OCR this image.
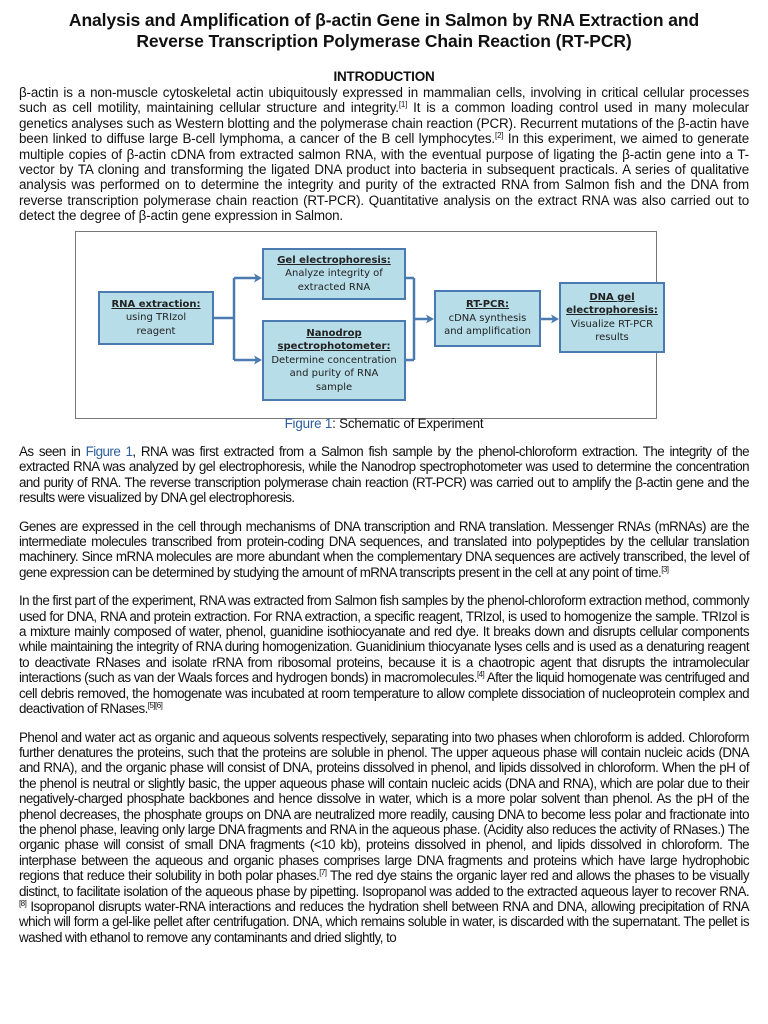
Analysis and Amplification of β-actin Gene in Salmon by RNA Extraction and
Reverse Transcription Polymerase Chain Reaction (RT-PCR)
INTRODUCTION

β-actin is a non-muscle cytoskeletal actin ubiquitously expressed in mammalian cells, involving in critical cellular processes such as cell motility, maintaining cellular structure and integrity.[1] It is a common loading control used in many molecular genetics analyses such as Western blotting and the polymerase chain reaction (PCR). Recurrent mutations of the β-actin have been linked to diffuse large B-cell lymphoma, a cancer of the B cell lymphocytes.[2] In this experiment, we aimed to generate multiple copies of β-actin cDNA from extracted salmon RNA, with the eventual purpose of ligating the β-actin gene into a T-vector by TA cloning and transforming the ligated DNA product into bacteria in subsequent practicals. A series of qualitative analysis was performed on to determine the integrity and purity of the extracted RNA from Salmon fish and the DNA from reverse transcription polymerase chain reaction (RT-PCR). Quantitative analysis on the extract RNA was also carried out to detect the degree of β-actin gene expression in Salmon.

RNA extraction:
using TRIzol reagent
Gel electrophoresis:
Analyze integrity of extracted RNA
Nanodrop spectrophotometer:
Determine concentration and purity of RNA sample
RT-PCR:
cDNA synthesis and amplification
DNA gel electrophoresis:
Visualize RT-PCR results
Figure 1: Schematic of Experiment

As seen in Figure 1, RNA was first extracted from a Salmon fish sample by the phenol-chloroform extraction. The integrity of the extracted RNA was analyzed by gel electrophoresis, while the Nanodrop spectrophotometer was used to determine the concentration and purity of RNA. The reverse transcription polymerase chain reaction (RT-PCR) was carried out to amplify the β-actin gene and the results were visualized by DNA gel electrophoresis.

Genes are expressed in the cell through mechanisms of DNA transcription and RNA translation. Messenger RNAs (mRNAs) are the intermediate molecules transcribed from protein-coding DNA sequences, and translated into polypeptides by the cellular translation machinery. Since mRNA molecules are more abundant when the complementary DNA sequences are actively transcribed, the level of gene expression can be determined by studying the amount of mRNA transcripts present in the cell at any point of time.[3]

In the first part of the experiment, RNA was extracted from Salmon fish samples by the phenol-chloroform extraction method, commonly used for DNA, RNA and protein extraction. For RNA extraction, a specific reagent, TRIzol, is used to homogenize the sample. TRIzol is a mixture mainly composed of water, phenol, guanidine isothiocyanate and red dye. It breaks down and disrupts cellular components while maintaining the integrity of RNA during homogenization. Guanidinium thiocyanate lyses cells and is used as a denaturing reagent to deactivate RNases and isolate rRNA from ribosomal proteins, because it is a chaotropic agent that disrupts the intramolecular interactions (such as van der Waals forces and hydrogen bonds) in macromolecules.[4] After the liquid homogenate was centrifuged and cell debris removed, the homogenate was incubated at room temperature to allow complete dissociation of nucleoprotein complex and deactivation of RNases.[5][6]

Phenol and water act as organic and aqueous solvents respectively, separating into two phases when chloroform is added. Chloroform further denatures the proteins, such that the proteins are soluble in phenol. The upper aqueous phase will contain nucleic acids (DNA and RNA), and the organic phase will consist of DNA, proteins dissolved in phenol, and lipids dissolved in chloroform. When the pH of the phenol is neutral or slightly basic, the upper aqueous phase will contain nucleic acids (DNA and RNA), which are polar due to their negatively-charged phosphate backbones and hence dissolve in water, which is a more polar solvent than phenol. As the pH of the phenol decreases, the phosphate groups on DNA are neutralized more readily, causing DNA to become less polar and fractionate into the phenol phase, leaving only large DNA fragments and RNA in the aqueous phase. (Acidity also reduces the activity of RNases.) The organic phase will consist of small DNA fragments (<10 kb), proteins dissolved in phenol, and lipids dissolved in chloroform. The interphase between the aqueous and organic phases comprises large DNA fragments and proteins which have large hydrophobic regions that reduce their solubility in both polar phases.[7] The red dye stains the organic layer red and allows the phases to be visually distinct, to facilitate isolation of the aqueous phase by pipetting. Isopropanol was added to the extracted aqueous layer to recover RNA.[8] Isopropanol disrupts water-RNA interactions and reduces the hydration shell between RNA and DNA, allowing precipitation of RNA which will form a gel-like pellet after centrifugation. DNA, which remains soluble in water, is discarded with the supernatant. The pellet is washed with ethanol to remove any contaminants and dried slightly, to
